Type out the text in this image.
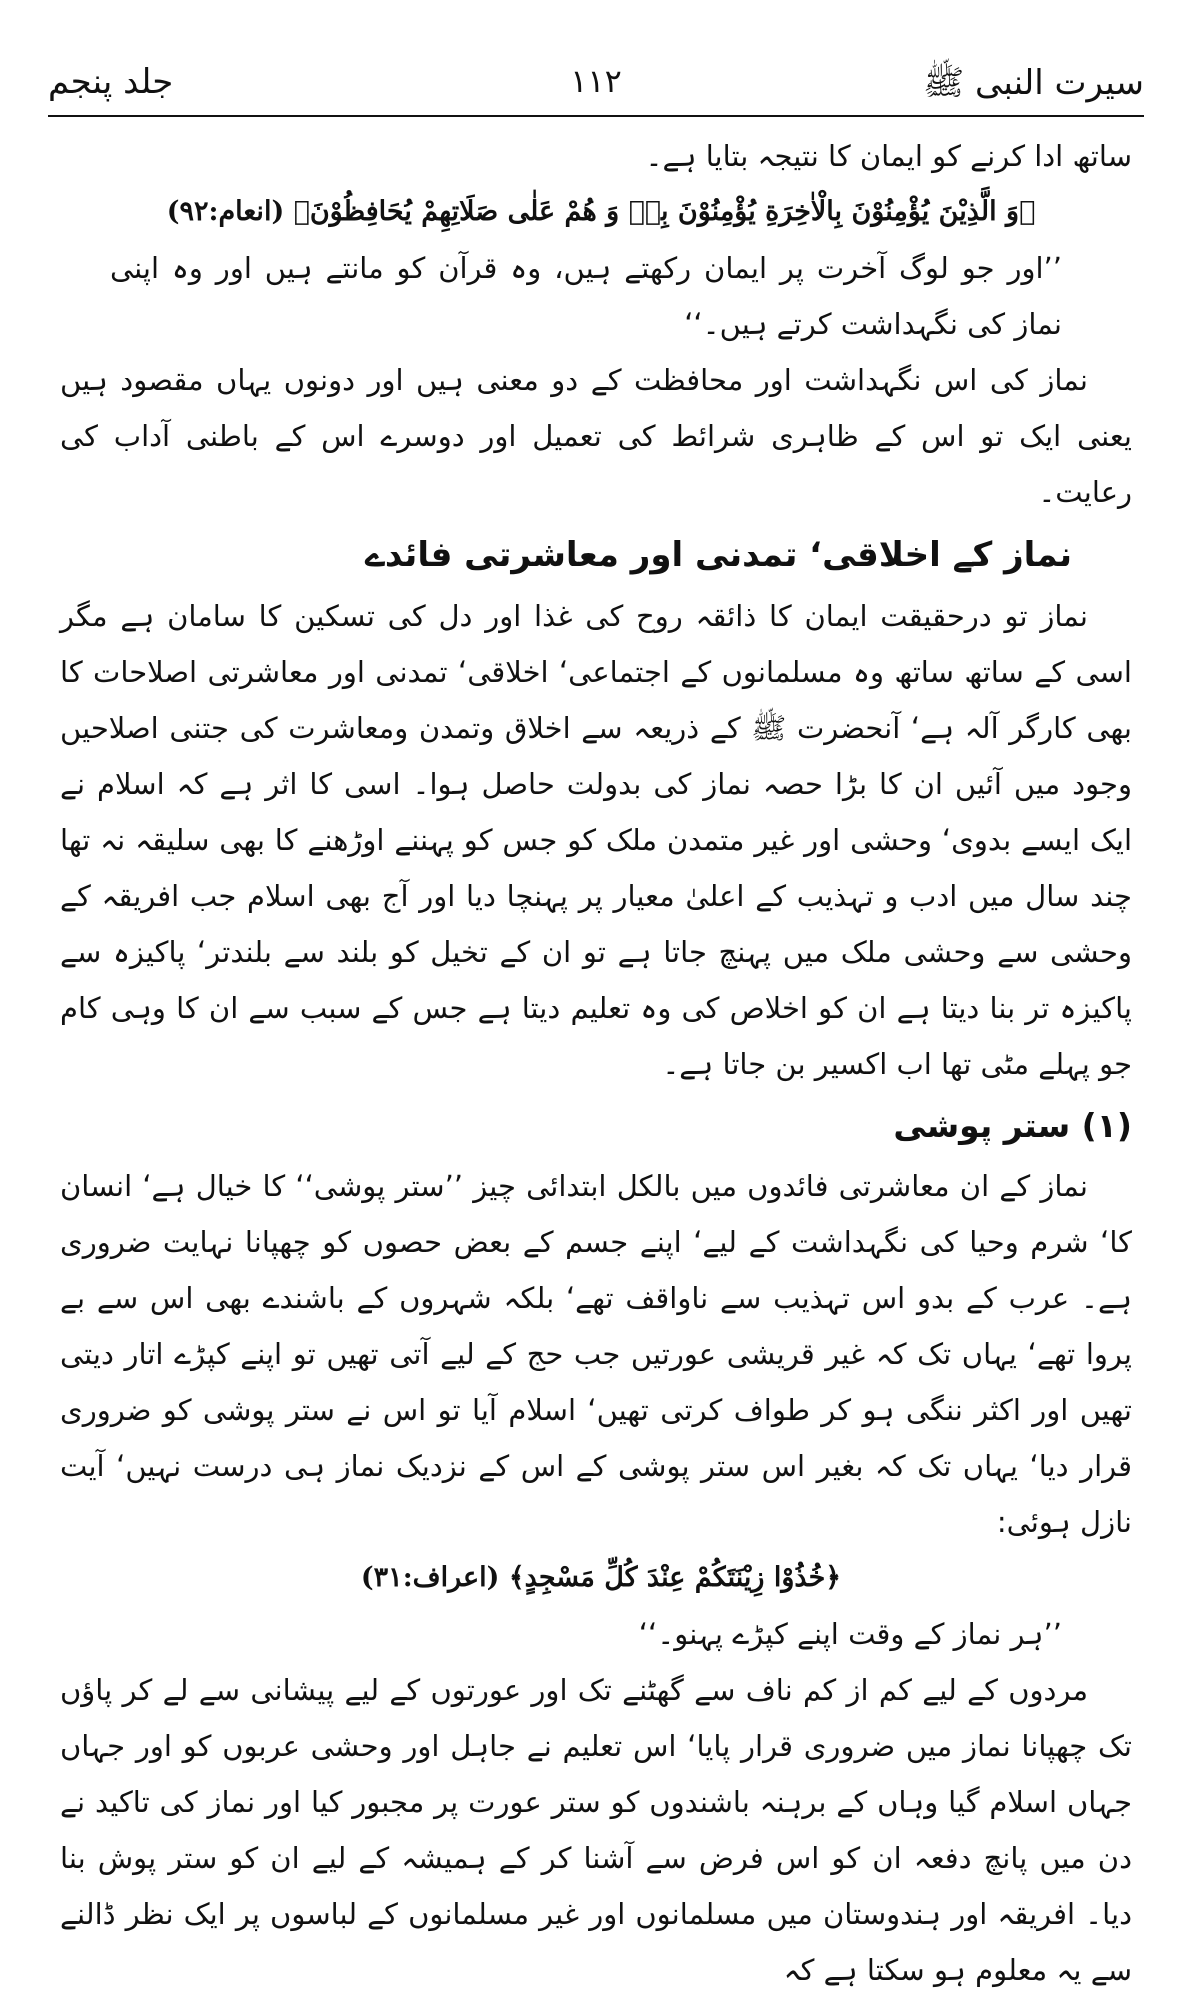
سیرت النبی ﷺ
۱۱۲
جلد پنجم

ساتھ ادا کرنے کو ایمان کا نتیجہ بتایا ہے۔

﴿وَ الَّذِیْنَ یُؤْمِنُوْنَ بِالْاٰخِرَةِ یُؤْمِنُوْنَ بِهٖ وَ هُمْ عَلٰی صَلَاتِهِمْ یُحَافِظُوْنَ﴾ (انعام:۹۲)

’’اور جو لوگ آخرت پر ایمان رکھتے ہیں، وہ قرآن کو مانتے ہیں اور وہ اپنی نماز کی نگہداشت کرتے ہیں۔‘‘

نماز کی اس نگہداشت اور محافظت کے دو معنی ہیں اور دونوں یہاں مقصود ہیں یعنی ایک تو اس کے ظاہری شرائط کی تعمیل اور دوسرے اس کے باطنی آداب کی رعایت۔

نماز کے اخلاقی‘ تمدنی اور معاشرتی فائدے

نماز تو درحقیقت ایمان کا ذائقہ روح کی غذا اور دل کی تسکین کا سامان ہے مگر اسی کے ساتھ ساتھ وہ مسلمانوں کے اجتماعی‘ اخلاقی‘ تمدنی اور معاشرتی اصلاحات کا بھی کارگر آلہ ہے‘ آنحضرت ﷺ کے ذریعہ سے اخلاق وتمدن ومعاشرت کی جتنی اصلاحیں وجود میں آئیں ان کا بڑا حصہ نماز کی بدولت حاصل ہوا۔ اسی کا اثر ہے کہ اسلام نے ایک ایسے بدوی‘ وحشی اور غیر متمدن ملک کو جس کو پہننے اوڑھنے کا بھی سلیقہ نہ تھا چند سال میں ادب و تہذیب کے اعلیٰ معیار پر پہنچا دیا اور آج بھی اسلام جب افریقہ کے وحشی سے وحشی ملک میں پہنچ جاتا ہے تو ان کے تخیل کو بلند سے بلندتر‘ پاکیزہ سے پاکیزہ تر بنا دیتا ہے ان کو اخلاص کی وہ تعلیم دیتا ہے جس کے سبب سے ان کا وہی کام جو پہلے مٹی تھا اب اکسیر بن جاتا ہے۔

(۱) ستر پوشی

نماز کے ان معاشرتی فائدوں میں بالکل ابتدائی چیز ’’ستر پوشی‘‘ کا خیال ہے‘ انسان کا‘ شرم وحیا کی نگہداشت کے لیے‘ اپنے جسم کے بعض حصوں کو چھپانا نہایت ضروری ہے۔ عرب کے بدو اس تہذیب سے ناواقف تھے‘ بلکہ شہروں کے باشندے بھی اس سے بے پروا تھے‘ یہاں تک کہ غیر قریشی عورتیں جب حج کے لیے آتی تھیں تو اپنے کپڑے اتار دیتی تھیں اور اکثر ننگی ہو کر طواف کرتی تھیں‘ اسلام آیا تو اس نے ستر پوشی کو ضروری قرار دیا‘ یہاں تک کہ بغیر اس ستر پوشی کے اس کے نزدیک نماز ہی درست نہیں‘ آیت نازل ہوئی:

﴿خُذُوْا زِیْنَتَكُمْ عِنْدَ كُلِّ مَسْجِدٍ﴾ (اعراف:۳۱)

’’ہر نماز کے وقت اپنے کپڑے پہنو۔‘‘

مردوں کے لیے کم از کم ناف سے گھٹنے تک اور عورتوں کے لیے پیشانی سے لے کر پاؤں تک چھپانا نماز میں ضروری قرار پایا‘ اس تعلیم نے جاہل اور وحشی عربوں کو اور جہاں جہاں اسلام گیا وہاں کے برہنہ باشندوں کو ستر عورت پر مجبور کیا اور نماز کی تاکید نے دن میں پانچ دفعہ ان کو اس فرض سے آشنا کر کے ہمیشہ کے لیے ان کو ستر پوش بنا دیا۔ افریقہ اور ہندوستان میں مسلمانوں اور غیر مسلمانوں کے لباسوں پر ایک نظر ڈالنے سے یہ معلوم ہو سکتا ہے کہ
